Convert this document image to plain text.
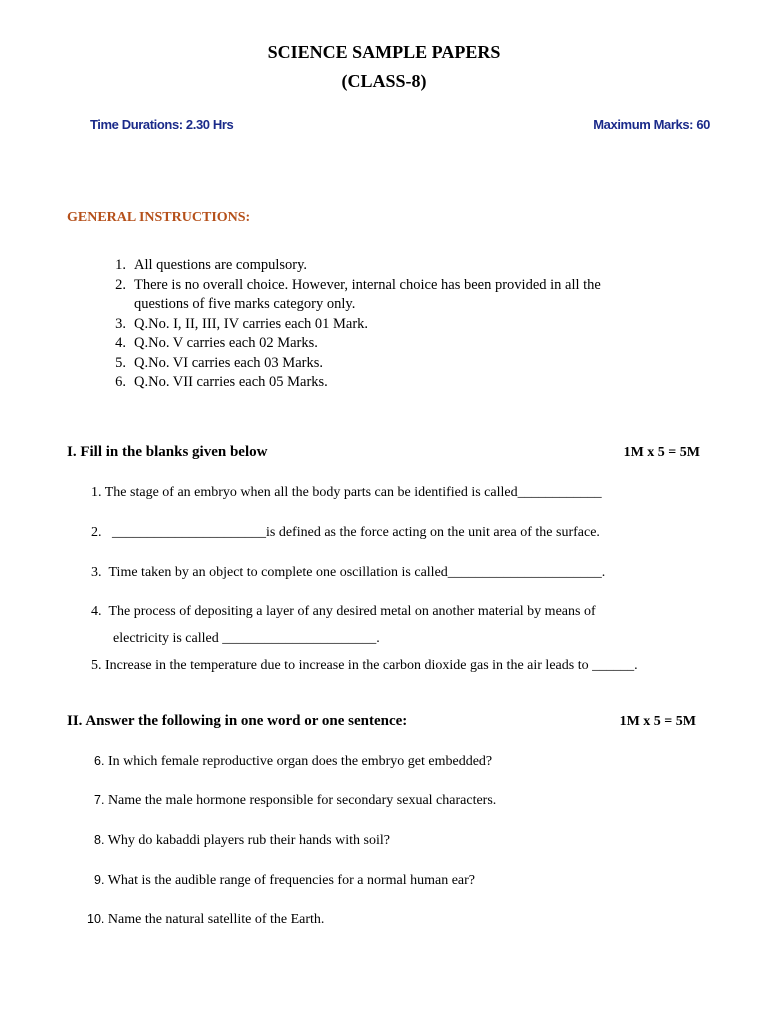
SCIENCE SAMPLE PAPERS
(CLASS-8)
Time Durations: 2.30 Hrs	Maximum Marks: 60
GENERAL INSTRUCTIONS:
1. All questions are compulsory.
2. There is no overall choice. However, internal choice has been provided in all the
questions of five marks category only.
3. Q.No. I, II, III, IV carries each 01 Mark.
4. Q.No. V carries each 02 Marks.
5. Q.No. VI carries each 03 Marks.
6. Q.No. VII carries each 05 Marks.
I. Fill in the blanks given below	1M x 5 = 5M
1. The stage of an embryo when all the body parts can be identified is called____________
2. ______________________is defined as the force acting on the unit area of the surface.
3. Time taken by an object to complete one oscillation is called______________________.
4. The process of depositing a layer of any desired metal on another material by means of
electricity is called ______________________.
5. Increase in the temperature due to increase in the carbon dioxide gas in the air leads to ______.
II. Answer the following in one word or one sentence:	1M x 5 = 5M
6. In which female reproductive organ does the embryo get embedded?
7. Name the male hormone responsible for secondary sexual characters.
8. Why do kabaddi players rub their hands with soil?
9. What is the audible range of frequencies for a normal human ear?
10. Name the natural satellite of the Earth.
